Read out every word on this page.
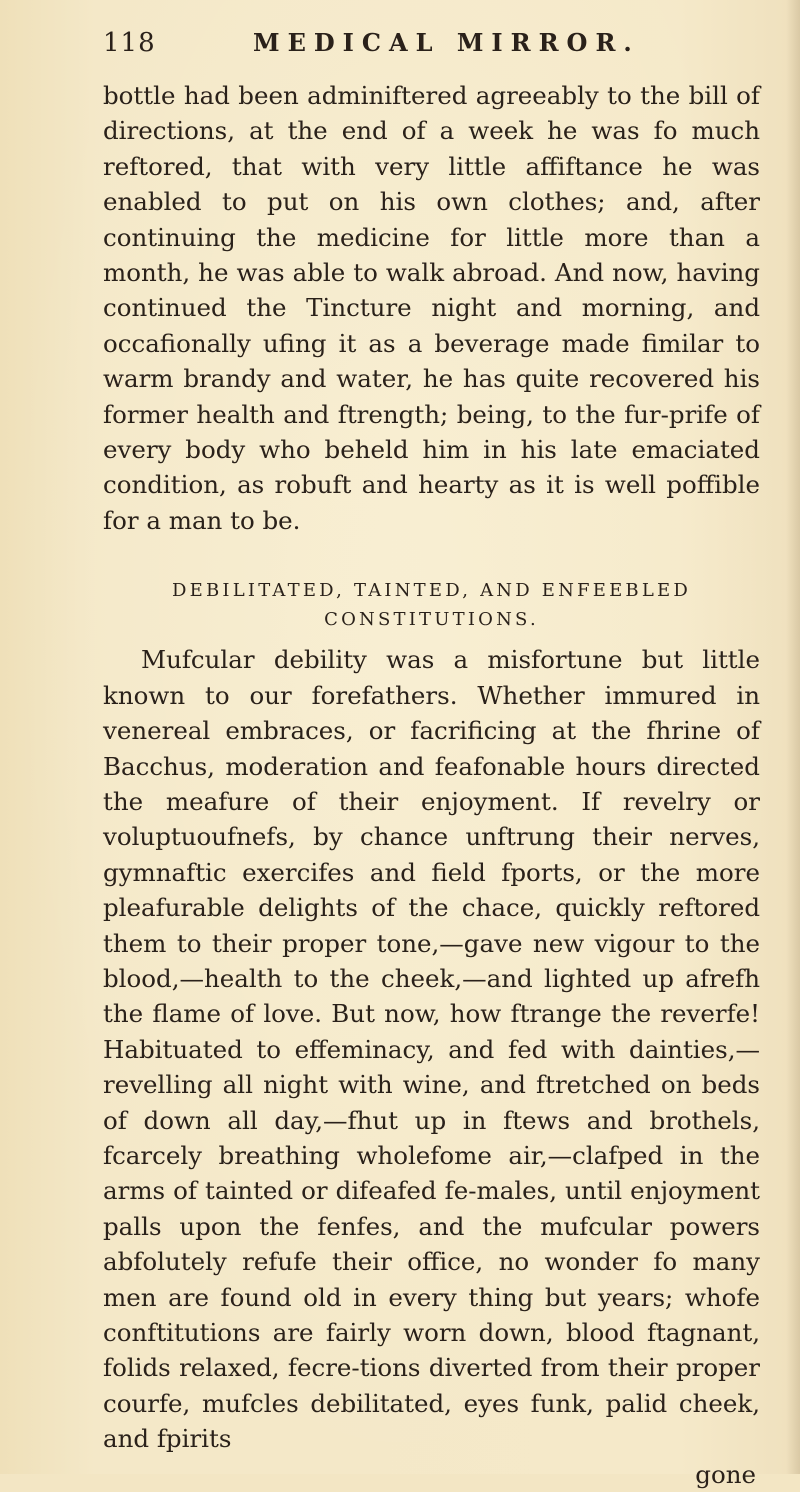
118	MEDICAL MIRROR.

bottle had been adminiftered agreeably to the bill of directions, at the end of a week he was fo much reftored, that with very little affiftance he was enabled to put on his own clothes; and, after continuing the medicine for little more than a month, he was able to walk abroad. And now, having continued the Tincture night and morning, and occafionally ufing it as a beverage made fimilar to warm brandy and water, he has quite recovered his former health and ftrength; being, to the fur-prife of every body who beheld him in his late emaciated condition, as robuft and hearty as it is well poffible for a man to be.

DEBILITATED, TAINTED, AND ENFEEBLED
CONSTITUTIONS.

Mufcular debility was a misfortune but little known to our forefathers. Whether immured in venereal embraces, or facrificing at the fhrine of Bacchus, moderation and feafonable hours directed the meafure of their enjoyment. If revelry or voluptuoufnefs, by chance unftrung their nerves, gymnaftic exercifes and field fports, or the more pleafurable delights of the chace, quickly reftored them to their proper tone,—gave new vigour to the blood,—health to the cheek,—and lighted up afrefh the flame of love. But now, how ftrange the reverfe! Habituated to effeminacy, and fed with dainties,—revelling all night with wine, and ftretched on beds of down all day,—fhut up in ftews and brothels, fcarcely breathing wholefome air,—clafped in the arms of tainted or difeafed fe-males, until enjoyment palls upon the fenfes, and the mufcular powers abfolutely refufe their office, no wonder fo many men are found old in every thing but years; whofe conftitutions are fairly worn down, blood ftagnant, folids relaxed, fecre-tions diverted from their proper courfe, mufcles debilitated, eyes funk, palid cheek, and fpirits

gone
